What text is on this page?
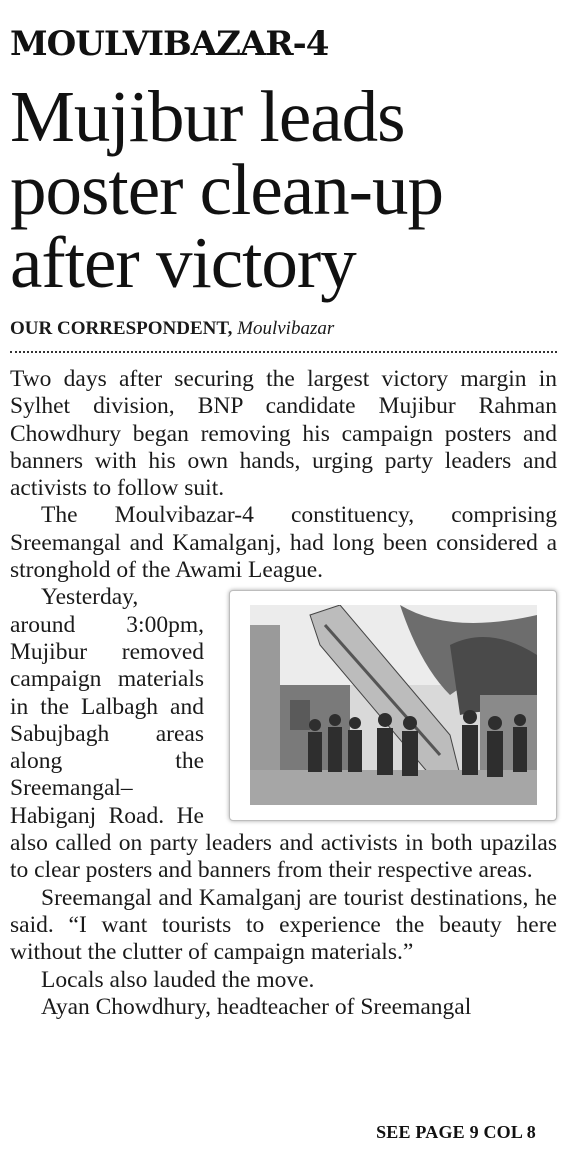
MOULVIBAZAR-4
Mujibur leads
poster clean-up
after victory
OUR CORRESPONDENT, Moulvibazar

Two days after securing the largest victory margin in Sylhet division, BNP candidate Mujibur Rahman Chowdhury began removing his campaign posters and banners with his own hands, urging party leaders and activists to follow suit.

The Moulvibazar-4 constituency, comprising Sreemangal and Kamalganj, had long been considered a stronghold of the Awami League.

Yesterday, around 3:00pm, Mujibur removed campaign materials in the Lalbagh and Sabujbagh areas along the Sreemangal–Habiganj Road. He also called on party leaders and activists in both upazilas to clear posters and banners from their respective areas.

Sreemangal and Kamalganj are tourist destinations, he said. “I want tourists to experience the beauty here without the clutter of campaign materials.”

Locals also lauded the move.

Ayan Chowdhury, headteacher of Sreemangal

SEE PAGE 9 COL 8
